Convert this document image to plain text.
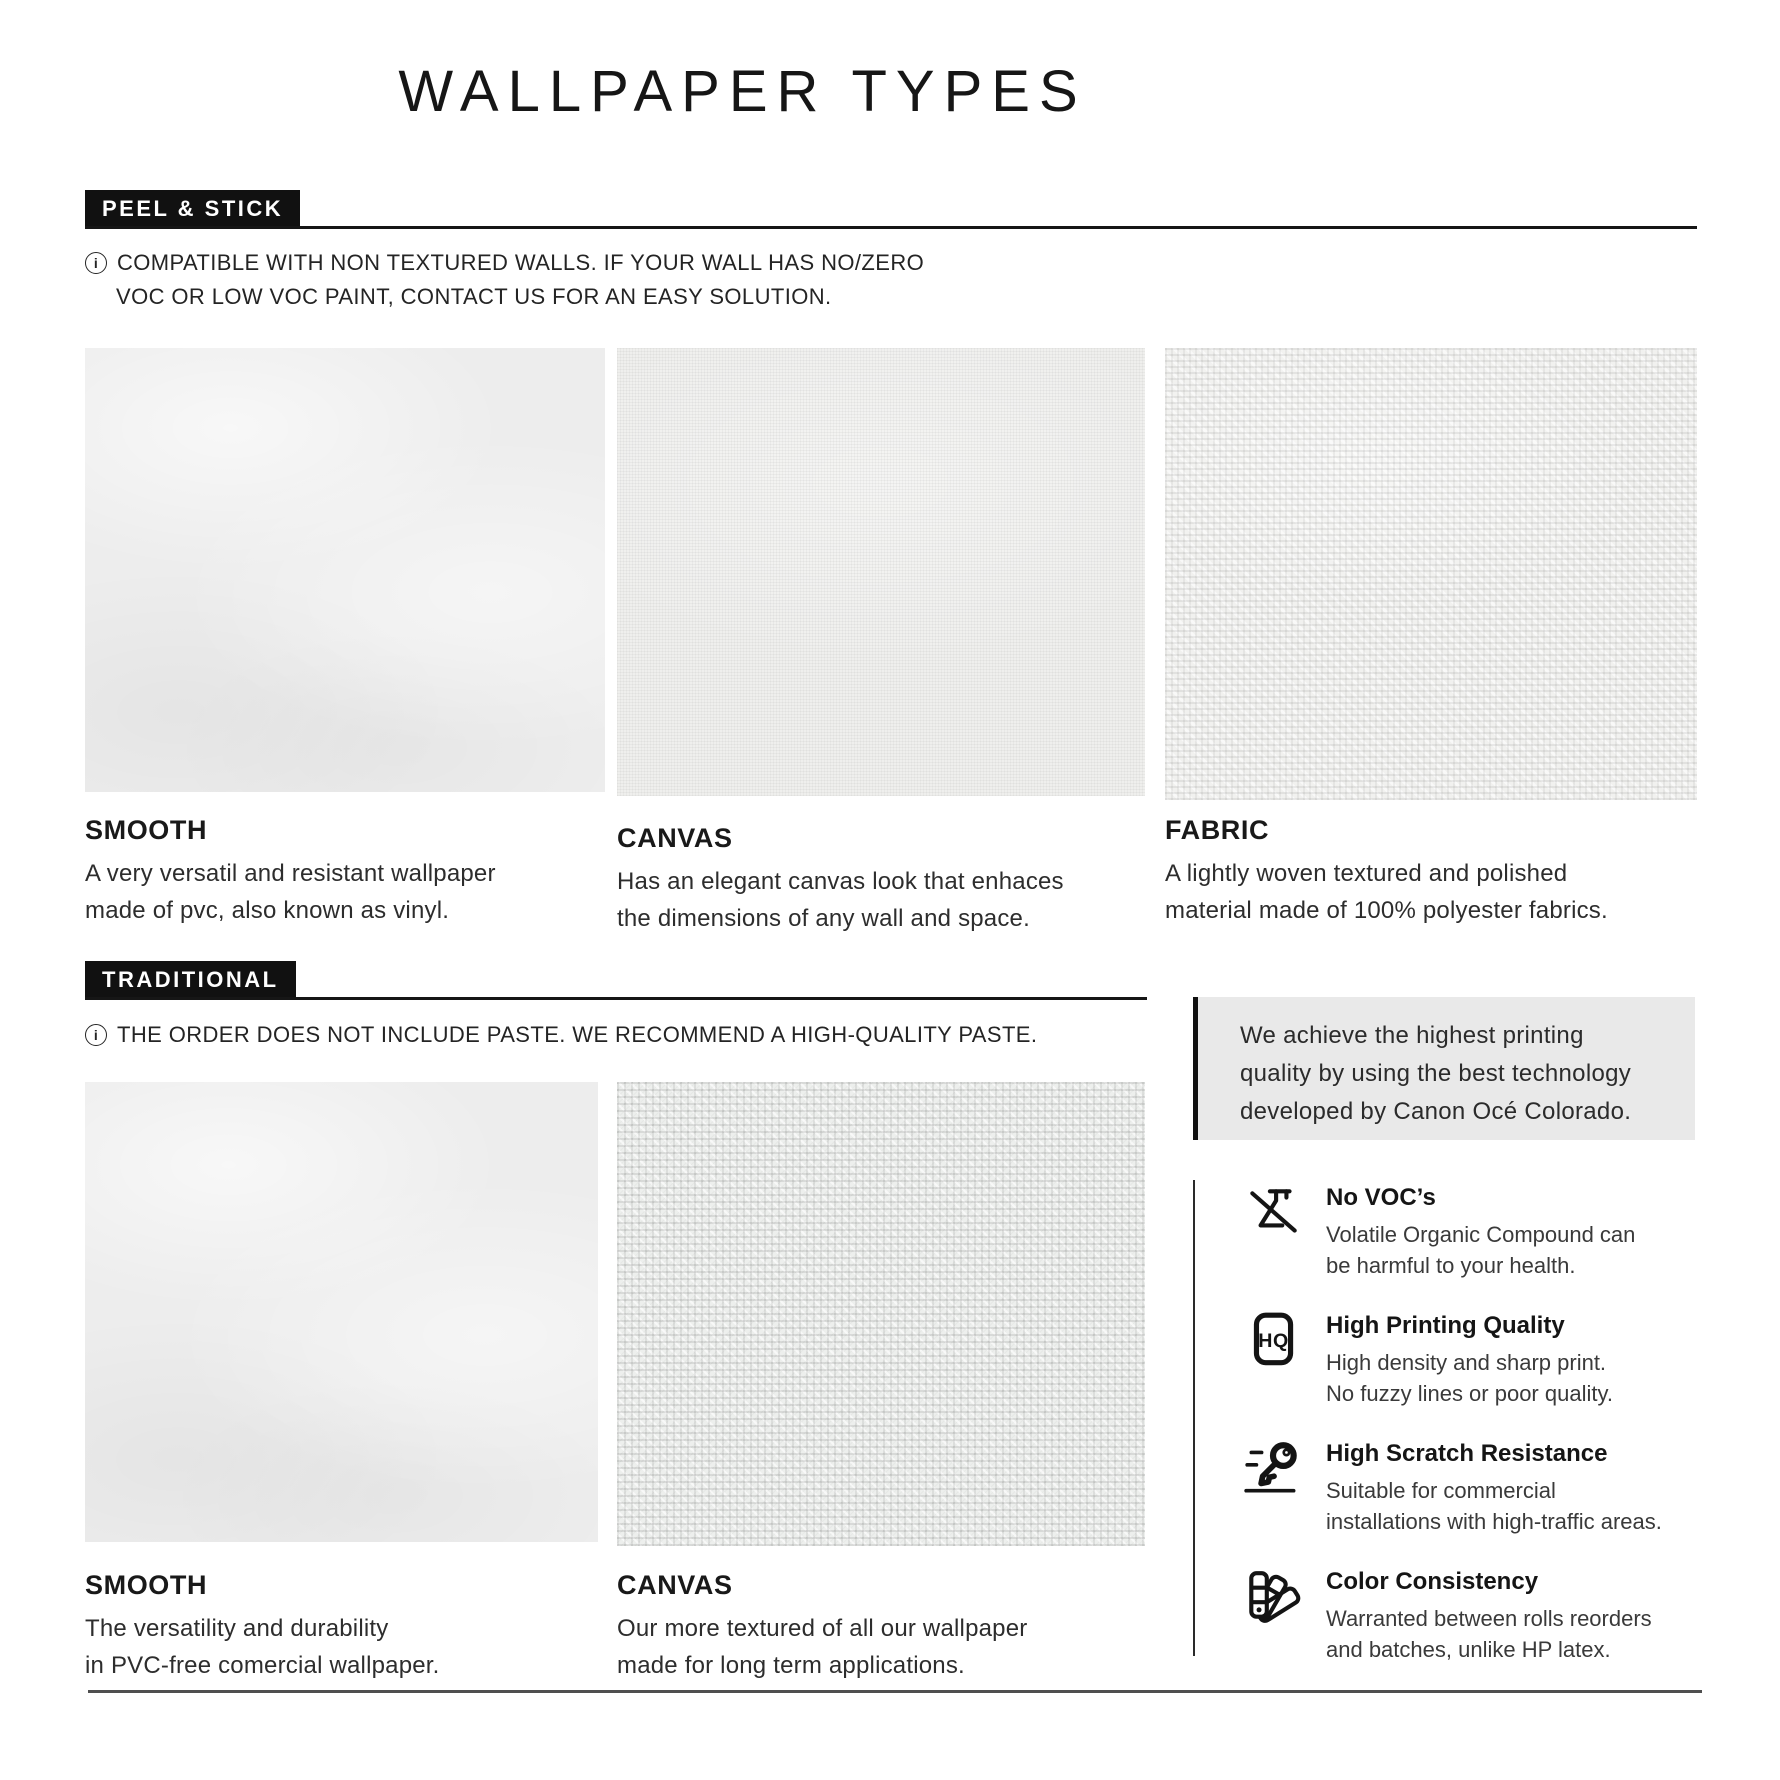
WALLPAPER TYPES
PEEL & STICK
i COMPATIBLE WITH NON TEXTURED WALLS. IF YOUR WALL HAS NO/ZERO
VOC OR LOW VOC PAINT, CONTACT US FOR AN EASY SOLUTION.
SMOOTH
A very versatil and resistant wallpaper
made of pvc, also known as vinyl.
CANVAS
Has an elegant canvas look that enhaces
the dimensions of any wall and space.
FABRIC
A lightly woven textured and polished
material made of 100% polyester fabrics.
TRADITIONAL
i THE ORDER DOES NOT INCLUDE PASTE. WE RECOMMEND A HIGH-QUALITY PASTE.
SMOOTH
The versatility and durability
in PVC-free comercial wallpaper.
CANVAS
Our more textured of all our wallpaper
made for long term applications.
We achieve the highest printing
quality by using the best technology
developed by Canon Océ Colorado.
No VOC’s
Volatile Organic Compound can
be harmful to your health.
HQ
High Printing Quality
High density and sharp print.
No fuzzy lines or poor quality.
High Scratch Resistance
Suitable for commercial
installations with high-traffic areas.
Color Consistency
Warranted between rolls reorders
and batches, unlike HP latex.
